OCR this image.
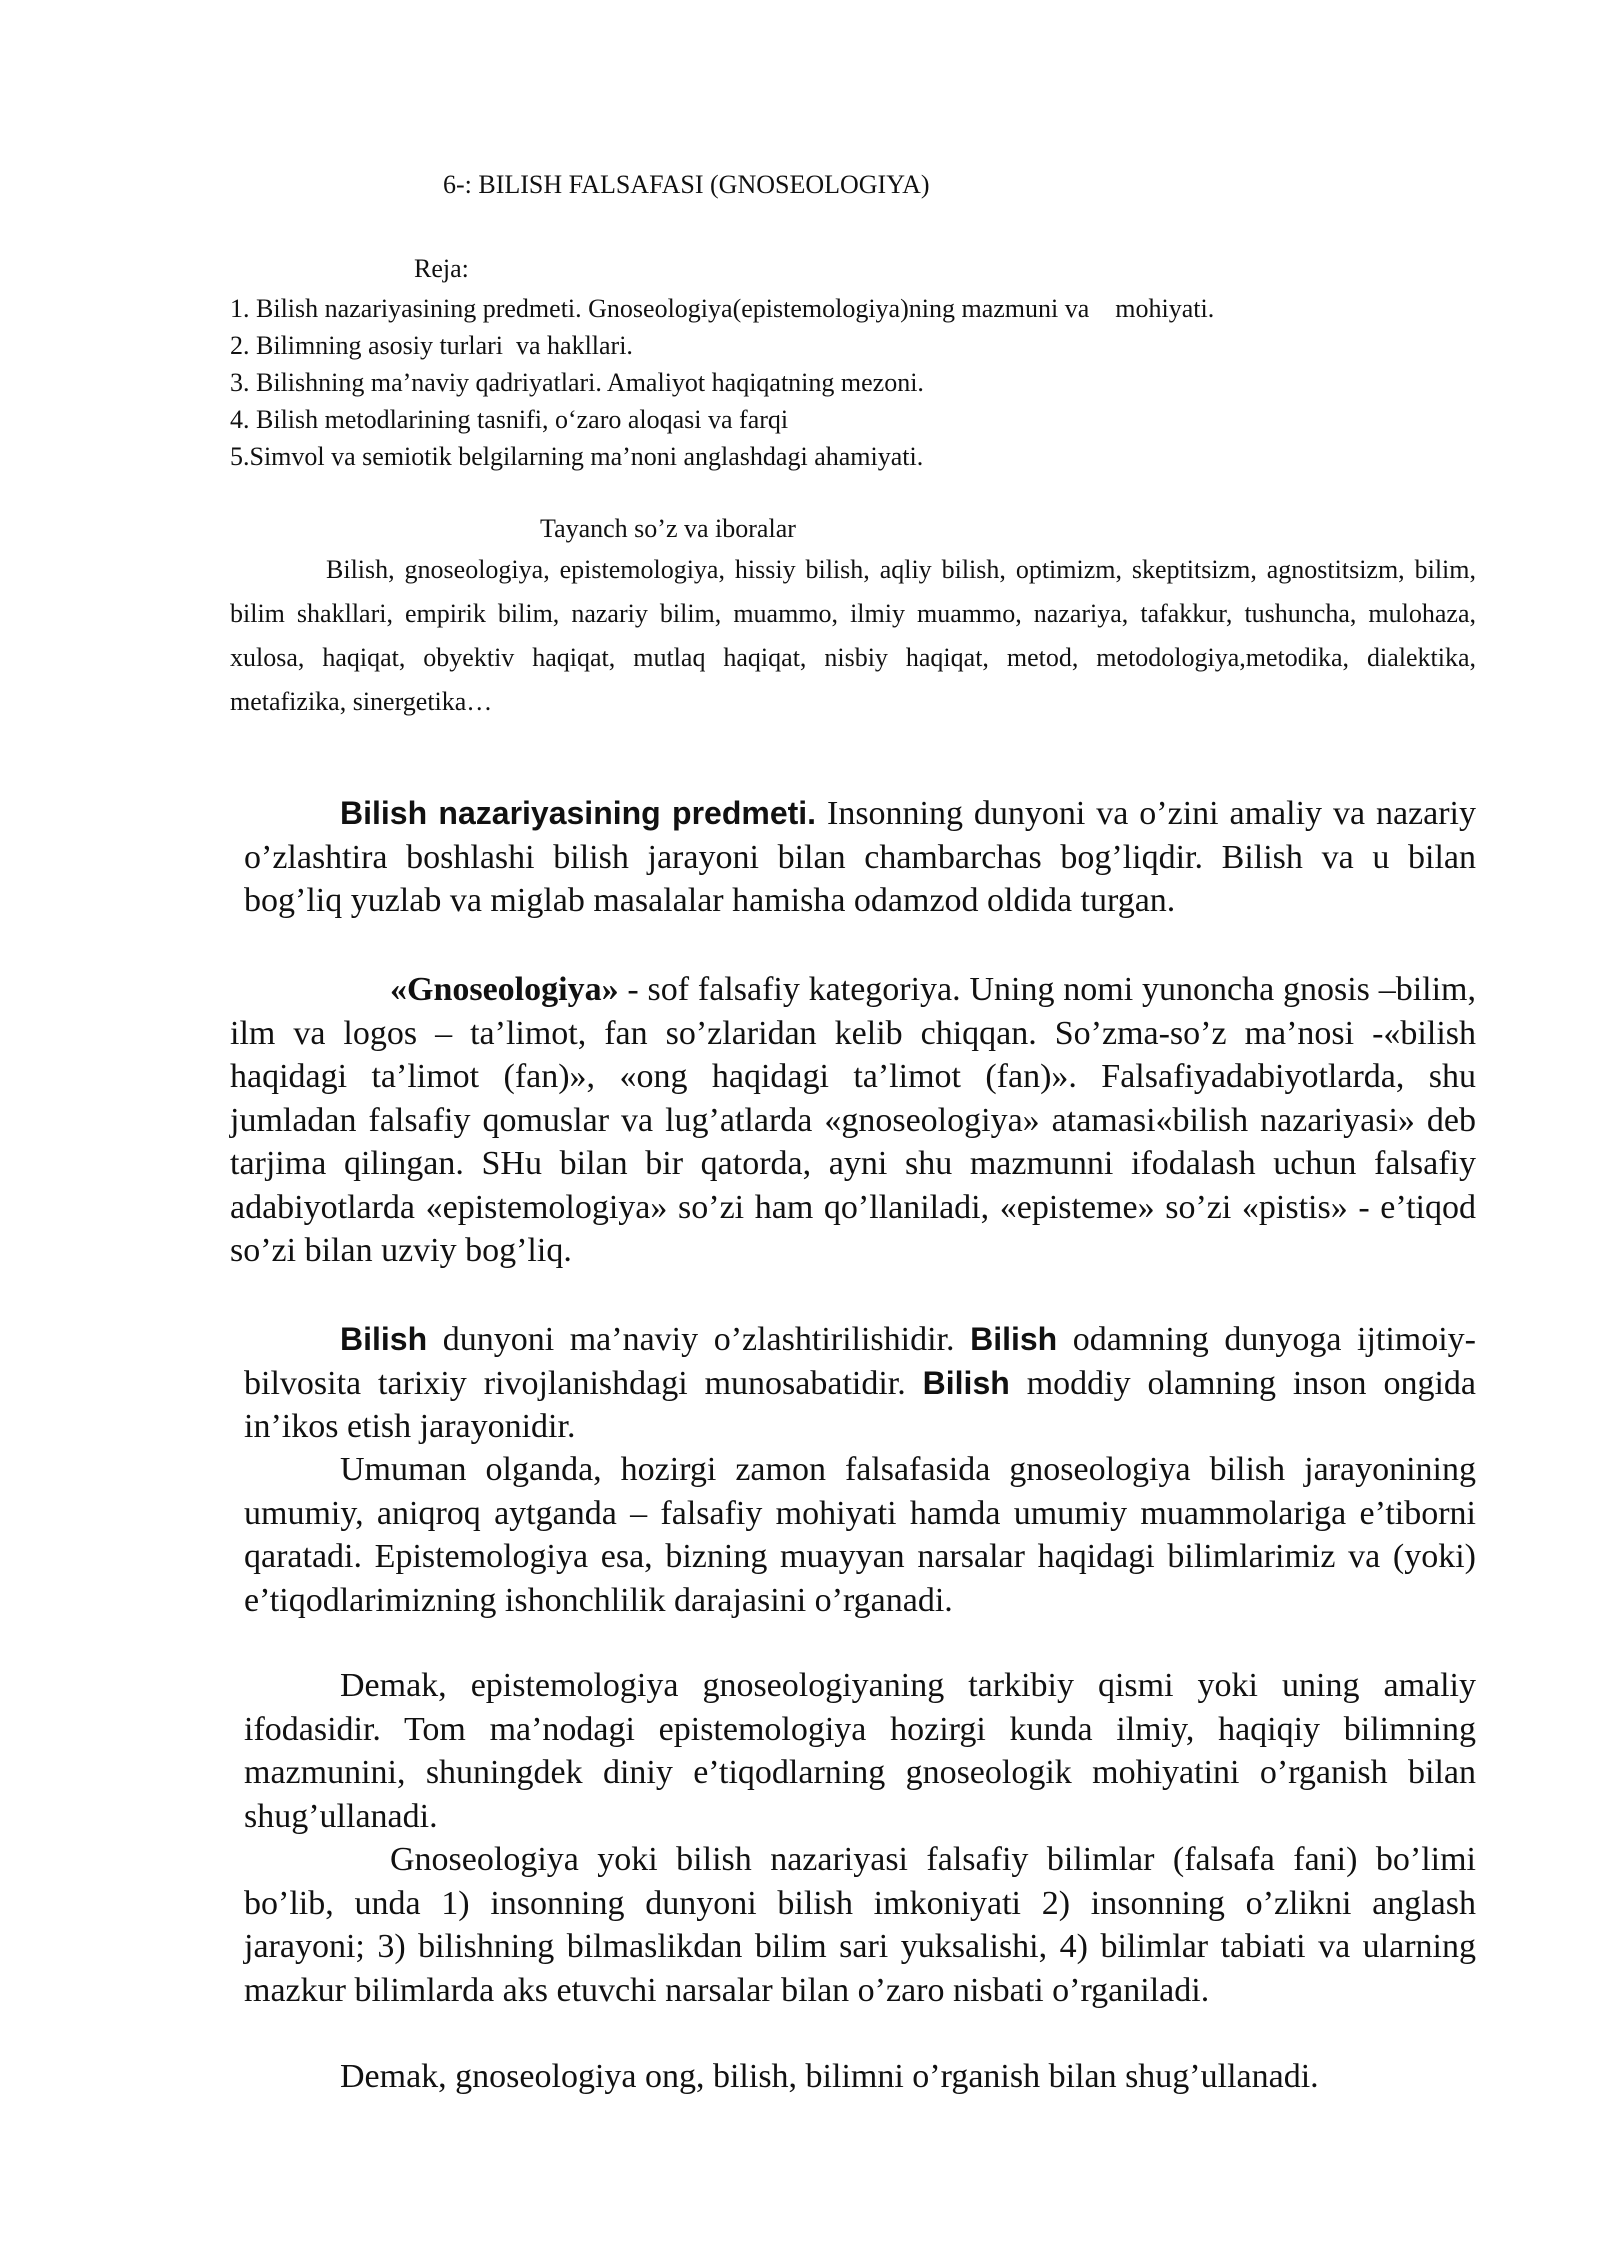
6-: BILISH FALSAFASI (GNOSEOLOGIYA)
Reja:
1. Bilish nazariyasining predmeti. Gnoseologiya(epistemologiya)ning mazmuni va    mohiyati.
2. Bilimning asosiy turlari  va hakllari.
3. Bilishning ma’naviy qadriyatlari. Amaliyot haqiqatning mezoni.
4. Bilish metodlarining tasnifi, o‘zaro aloqasi va farqi
5.Simvol va semiotik belgilarning ma’noni anglashdagi ahamiyati.
Tayanch so’z va iboralar

Bilish, gnoseologiya, epistemologiya, hissiy bilish, aqliy bilish, optimizm, skeptitsizm, agnostitsizm, bilim, bilim shakllari, empirik bilim, nazariy bilim, muammo, ilmiy muammo, nazariya, tafakkur, tushuncha, mulohaza, xulosa, haqiqat, obyektiv haqiqat, mutlaq haqiqat, nisbiy haqiqat, metod, metodologiya,metodika, dialektika, metafizika, sinergetika…

Bilish nazariyasining predmeti. Insonning dunyoni va o’zini amaliy va nazariy o’zlashtira boshlashi bilish jarayoni bilan chambarchas bog’liqdir. Bilish va u bilan bog’liq yuzlab va miglab masalalar hamisha odamzod oldida turgan.

«Gnoseologiya» - sof falsafiy kategoriya. Uning nomi yunoncha gnosis –bilim, ilm va logos – ta’limot, fan so’zlaridan kelib chiqqan. So’zma-so’z ma’nosi -«bilish haqidagi ta’limot (fan)», «ong haqidagi ta’limot (fan)». Falsafiyadabiyotlarda, shu jumladan falsafiy qomuslar va lug’atlarda «gnoseologiya» atamasi«bilish nazariyasi» deb tarjima qilingan. SHu bilan bir qatorda, ayni shu mazmunni ifodalash uchun falsafiy adabiyotlarda «epistemologiya» so’zi ham qo’llaniladi, «episteme» so’zi «pistis» - e’tiqod so’zi bilan uzviy bog’liq.

Bilish dunyoni ma’naviy o’zlashtirilishidir. Bilish odamning dunyoga ijtimoiy- bilvosita tarixiy rivojlanishdagi munosabatidir. Bilish moddiy olamning inson ongida in’ikos etish jarayonidir.

Umuman olganda, hozirgi zamon falsafasida gnoseologiya bilish jarayonining umumiy, aniqroq aytganda – falsafiy mohiyati hamda umumiy muammolariga e’tiborni qaratadi. Epistemologiya esa, bizning muayyan narsalar haqidagi bilimlarimiz va (yoki) e’tiqodlarimizning ishonchlilik darajasini o’rganadi.

Demak, epistemologiya gnoseologiyaning tarkibiy qismi yoki uning amaliy ifodasidir. Tom ma’nodagi epistemologiya hozirgi kunda ilmiy, haqiqiy bilimning mazmunini, shuningdek diniy e’tiqodlarning gnoseologik mohiyatini o’rganish bilan shug’ullanadi.

Gnoseologiya yoki bilish nazariyasi falsafiy bilimlar (falsafa fani) bo’limi bo’lib, unda 1) insonning dunyoni bilish imkoniyati 2) insonning o’zlikni anglash jarayoni; 3) bilishning bilmaslikdan bilim sari yuksalishi, 4) bilimlar tabiati va ularning mazkur bilimlarda aks etuvchi narsalar bilan o’zaro nisbati o’rganiladi.

Demak, gnoseologiya ong, bilish, bilimni o’rganish bilan shug’ullanadi.
